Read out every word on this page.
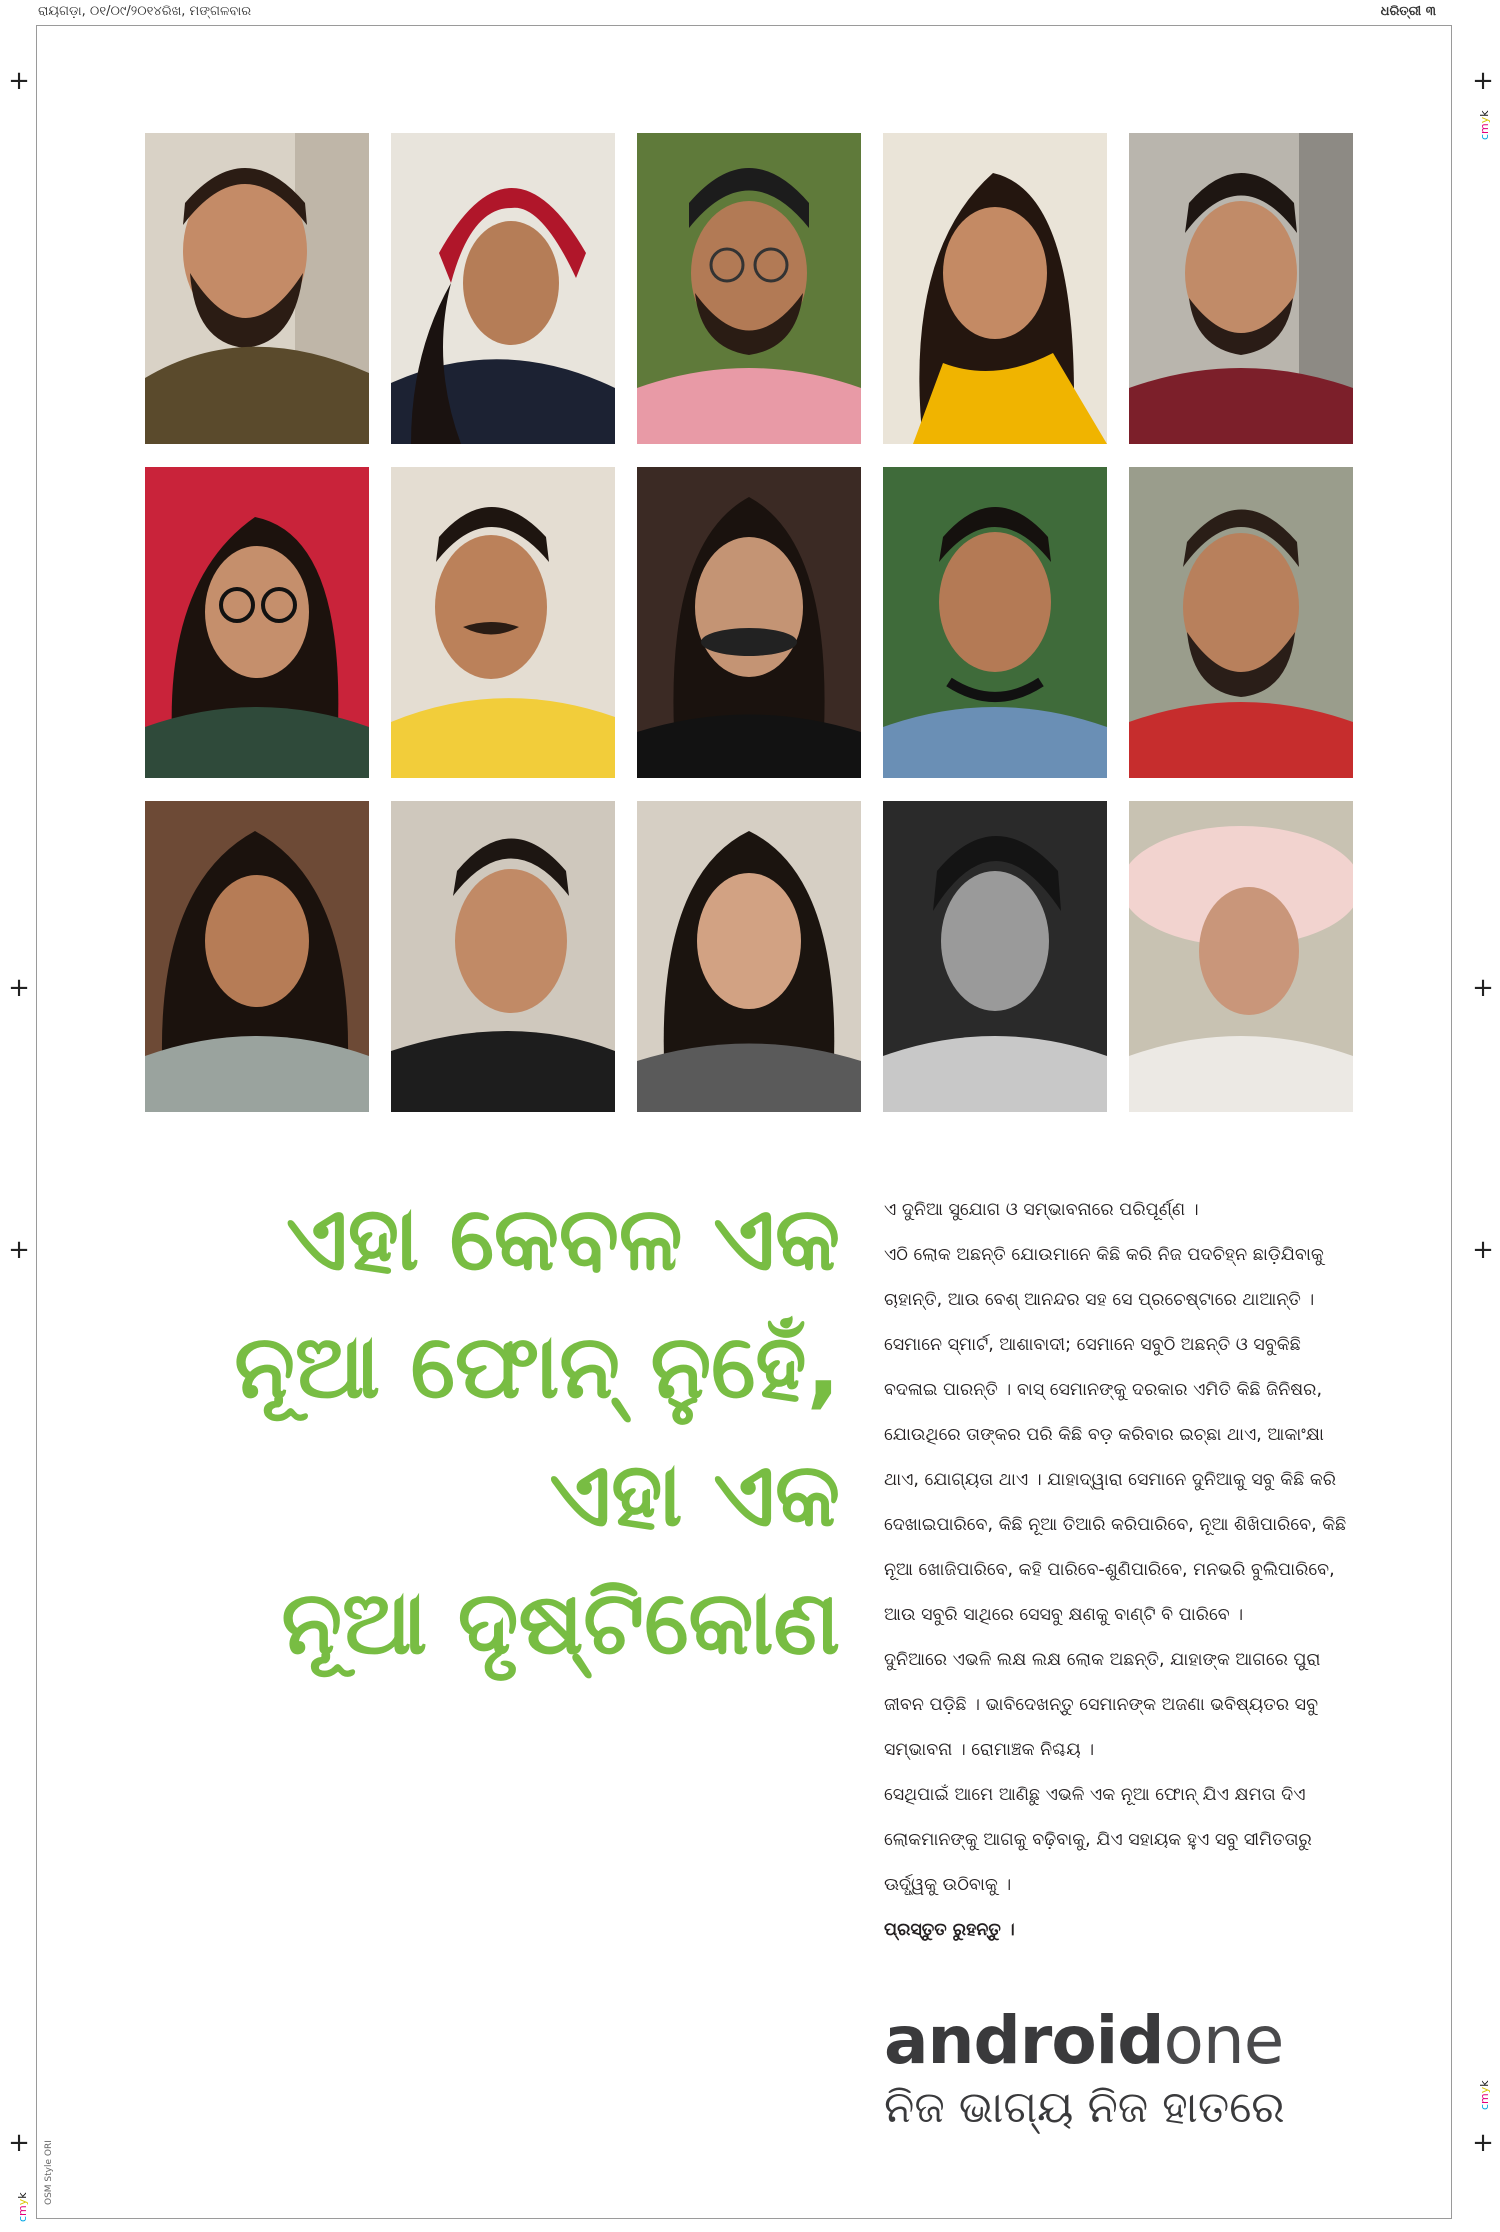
ରାୟଗଡ଼ା, ୦୧/୦୯/୨୦୧୪ରିଖ, ମଙ୍ଗଳବାର	ଧରିତ୍ରୀ ୩
+
+
+
+
+
+
+
+
cmyk
cmyk
cmyk OSM Style ORI
ଏହା କେବଳ ଏକ
ନୂଆ ଫୋନ୍ ନୁହେଁ,
ଏହା ଏକ
ନୂଆ ଦୃଷ୍ଟିକୋଣ

ଏ ଦୁନିଆ ସୁଯୋଗ ଓ ସମ୍ଭାବନାରେ ପରିପୂର୍ଣ୍ଣ ।

ଏଠି ଲୋକ ଅଛନ୍ତି ଯୋଉମାନେ କିଛି କରି ନିଜ ପଦଚିହ୍ନ ଛାଡ଼ିଯିବାକୁ ଚାହାନ୍ତି, ଆଉ ବେଶ୍ ଆନନ୍ଦର ସହ ସେ ପ୍ରଚେଷ୍ଟାରେ ଥାଆନ୍ତି । ସେମାନେ ସ୍ମାର୍ଟ, ଆଶାବାଦୀ; ସେମାନେ ସବୁଠି ଅଛନ୍ତି ଓ ସବୁକିଛି ବଦଳାଇ ପାରନ୍ତି । ବାସ୍ ସେମାନଙ୍କୁ ଦରକାର ଏମିତି କିଛି ଜିନିଷର, ଯୋଉଥିରେ ତାଙ୍କର ପରି କିଛି ବଡ଼ କରିବାର ଇଚ୍ଛା ଥାଏ, ଆକାଂକ୍ଷା ଥାଏ, ଯୋଗ୍ୟତା ଥାଏ । ଯାହାଦ୍ୱାରା ସେମାନେ ଦୁନିଆକୁ ସବୁ କିଛି କରି ଦେଖାଇପାରିବେ, କିଛି ନୂଆ ତିଆରି କରିପାରିବେ, ନୂଆ ଶିଖିପାରିବେ, କିଛି ନୂଆ ଖୋଜିପାରିବେ, କହି ପାରିବେ-ଶୁଣିପାରିବେ, ମନଭରି ବୁଲିପାରିବେ, ଆଉ ସବୁରି ସାଥିରେ ସେସବୁ କ୍ଷଣକୁ ବାଣ୍ଟି ବି ପାରିବେ ।

ଦୁନିଆରେ ଏଭଳି ଲକ୍ଷ ଲକ୍ଷ ଲୋକ ଅଛନ୍ତି, ଯାହାଙ୍କ ଆଗରେ ପୁରା ଜୀବନ ପଡ଼ିଛି । ଭାବିଦେଖନ୍ତୁ ସେମାନଙ୍କ ଅଜଣା ଭବିଷ୍ୟତର ସବୁ ସମ୍ଭାବନା । ରୋମାଞ୍ଚକ ନିଶ୍ଚୟ ।

ସେଥିପାଇଁ ଆମେ ଆଣିଛୁ ଏଭଳି ଏକ ନୂଆ ଫୋନ୍ ଯିଏ କ୍ଷମତା ଦିଏ ଲୋକମାନଙ୍କୁ ଆଗକୁ ବଢ଼ିବାକୁ, ଯିଏ ସହାୟକ ହୁଏ ସବୁ ସୀମିତତାରୁ ଊର୍ଦ୍ଧ୍ୱକୁ ଉଠିବାକୁ ।

ପ୍ରସ୍ତୁତ ରୁହନ୍ତୁ ।

androidone
ନିଜ ଭାଗ୍ୟ ନିଜ ହାତରେ
